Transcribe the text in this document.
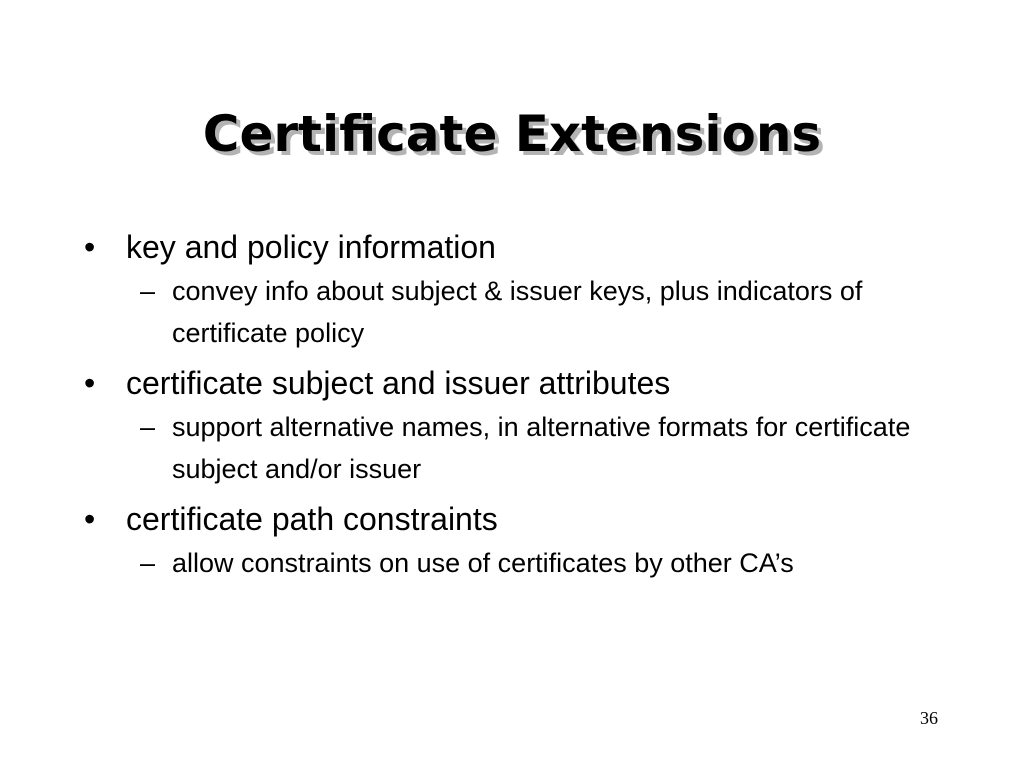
Certificate Extensions
• key and policy information
– convey info about subject & issuer keys, plus indicators of certificate policy
• certificate subject and issuer attributes
– support alternative names, in alternative formats for certificate subject and/or issuer
• certificate path constraints
– allow constraints on use of certificates by other CA’s
36
